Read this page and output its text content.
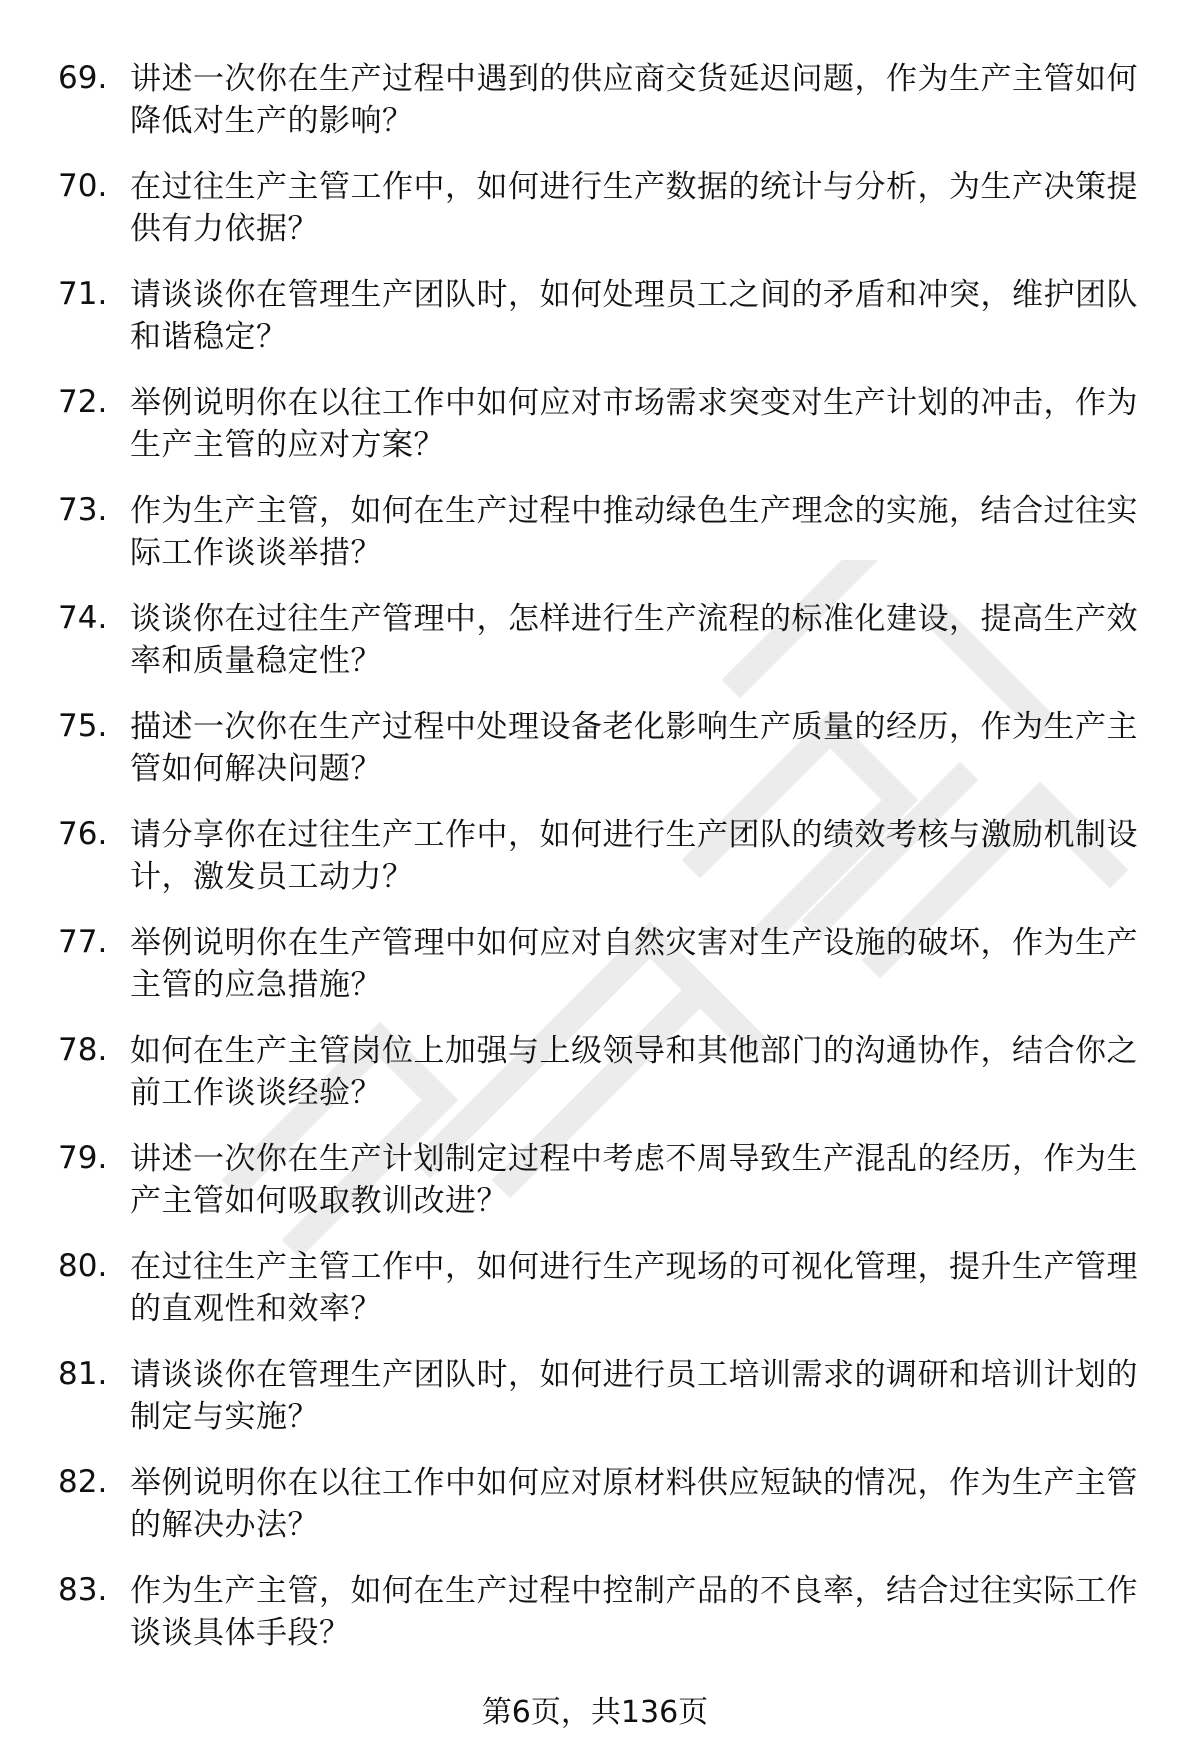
69. 讲述一次你在生产过程中遇到的供应商交货延迟问题，作为生产主管如何降低对生产的影响？
70. 在过往生产主管工作中，如何进行生产数据的统计与分析，为生产决策提供有力依据？
71. 请谈谈你在管理生产团队时，如何处理员工之间的矛盾和冲突，维护团队和谐稳定？
72. 举例说明你在以往工作中如何应对市场需求突变对生产计划的冲击，作为生产主管的应对方案？
73. 作为生产主管，如何在生产过程中推动绿色生产理念的实施，结合过往实际工作谈谈举措？
74. 谈谈你在过往生产管理中，怎样进行生产流程的标准化建设，提高生产效率和质量稳定性？
75. 描述一次你在生产过程中处理设备老化影响生产质量的经历，作为生产主管如何解决问题？
76. 请分享你在过往生产工作中，如何进行生产团队的绩效考核与激励机制设计，激发员工动力？
77. 举例说明你在生产管理中如何应对自然灾害对生产设施的破坏，作为生产主管的应急措施？
78. 如何在生产主管岗位上加强与上级领导和其他部门的沟通协作，结合你之前工作谈谈经验？
79. 讲述一次你在生产计划制定过程中考虑不周导致生产混乱的经历，作为生产主管如何吸取教训改进？
80. 在过往生产主管工作中，如何进行生产现场的可视化管理，提升生产管理的直观性和效率？
81. 请谈谈你在管理生产团队时，如何进行员工培训需求的调研和培训计划的制定与实施？
82. 举例说明你在以往工作中如何应对原材料供应短缺的情况，作为生产主管的解决办法？
83. 作为生产主管，如何在生产过程中控制产品的不良率，结合过往实际工作谈谈具体手段？
第6页，共136页
